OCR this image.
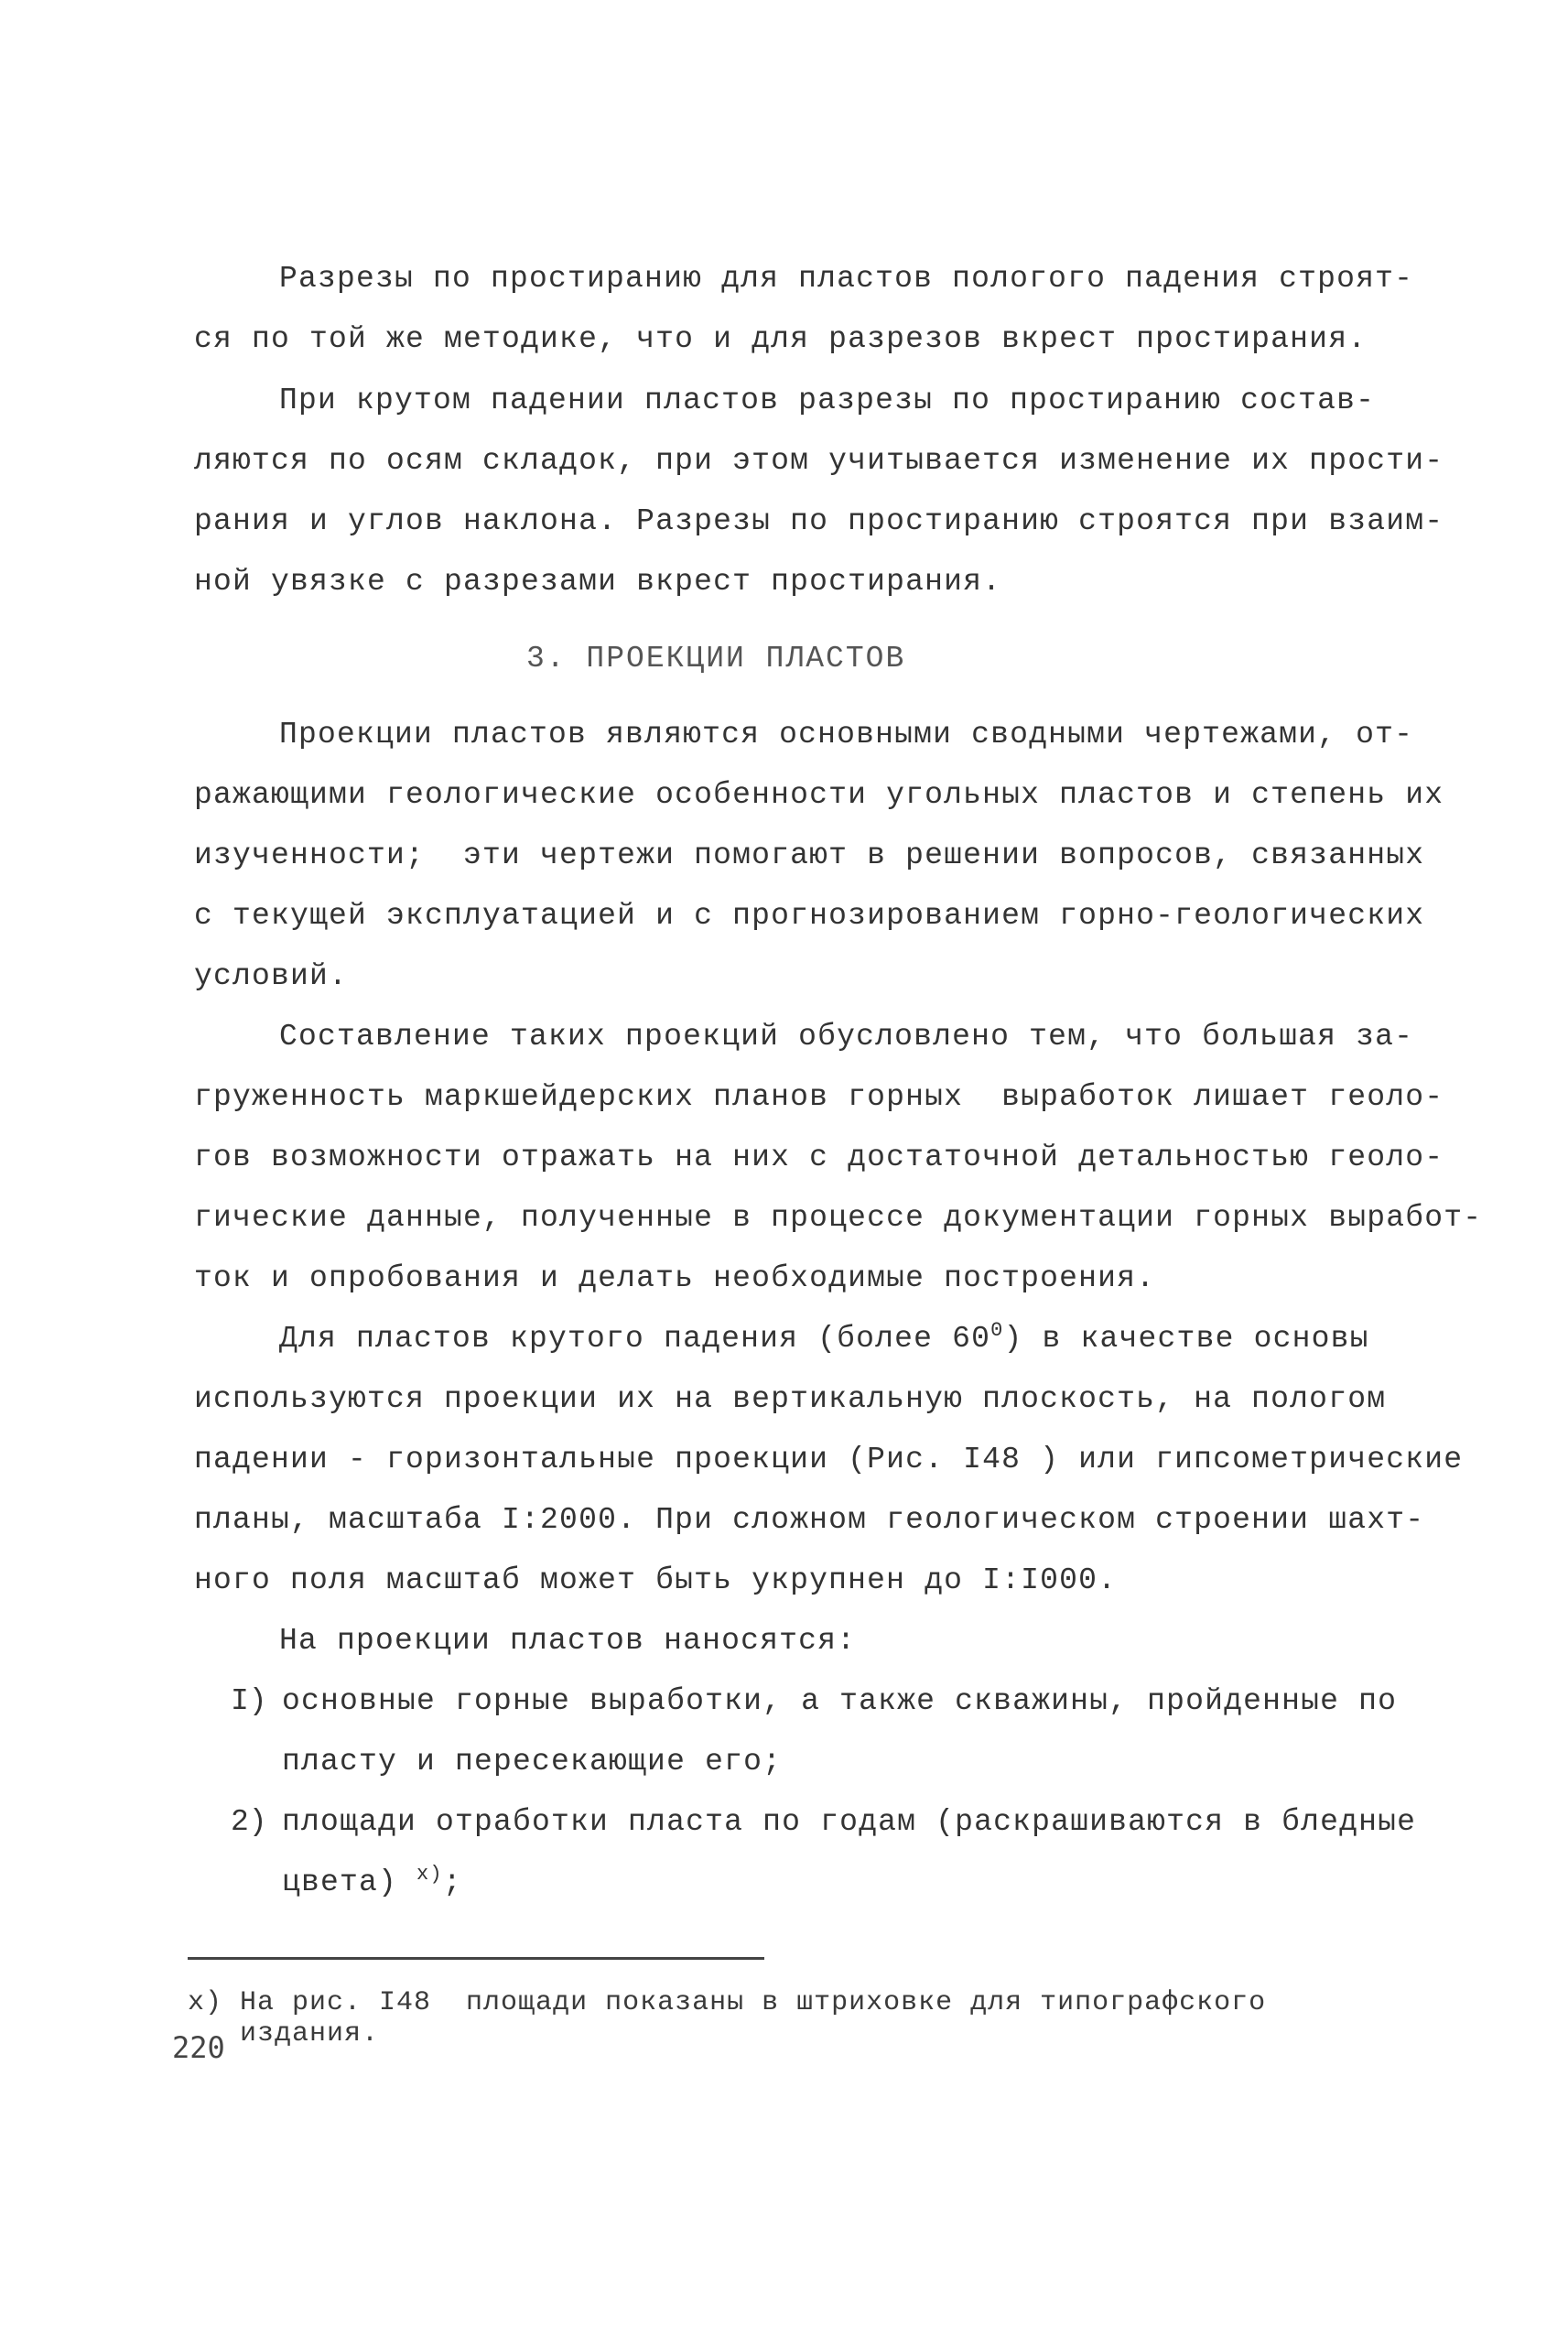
Разрезы по простиранию для пластов пологого падения строят-
ся по той же методике, что и для разрезов вкрест простирания.
При крутом падении пластов разрезы по простиранию состав-
ляются по осям складок, при этом учитывается изменение их прости-
рания и углов наклона. Разрезы по простиранию строятся при взаим-
ной увязке с разрезами вкрест простирания.
3. ПРОЕКЦИИ ПЛАСТОВ
Проекции пластов являются основными сводными чертежами, от-
ражающими геологические особенности угольных пластов и степень их
изученности;  эти чертежи помогают в решении вопросов, связанных
с текущей эксплуатацией и с прогнозированием горно-геологических
условий.
Составление таких проекций обусловлено тем, что большая за-
груженность маркшейдерских планов горных  выработок лишает геоло-
гов возможности отражать на них с достаточной детальностью геоло-
гические данные, полученные в процессе документации горных выработ-
ток и опробования и делать необходимые построения.
Для пластов крутого падения (более $60^0$) в качестве основы
используются проекции их на вертикальную плоскость, на пологом
падении - горизонтальные проекции (Рис. I48 ) или гипсометрические
планы, масштаба I:2000. При сложном геологическом строении шахт-
ного поля масштаб может быть укрупнен до I:I000.
На проекции пластов наносятся:
I) основные горные выработки, а также скважины, пройденные по
пласту и пересекающие его;
2) площади отработки пласта по годам (раскрашиваются в бледные
цвета) $^{х)}$;
х) На рис. I48  площади показаны в штриховке для типографского
издания.
220
